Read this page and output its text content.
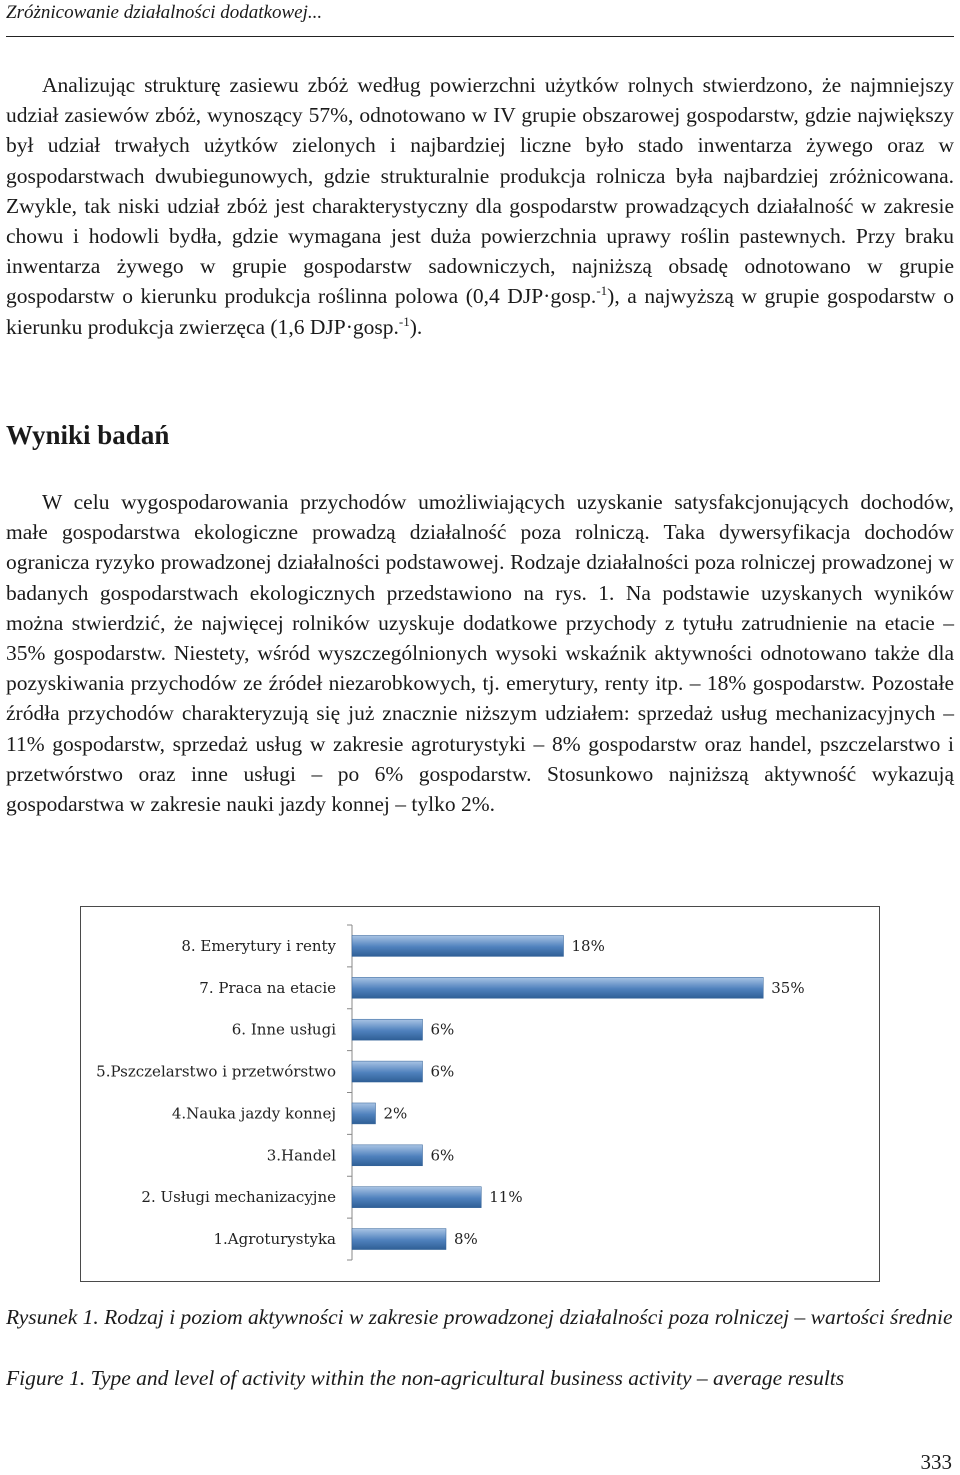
Zróżnicowanie działalności dodatkowej...

Analizując strukturę zasiewu zbóż według powierzchni użytków rolnych stwierdzono, że najmniejszy udział zasiewów zbóż, wynoszący 57%, odnotowano w IV grupie obszarowej gospodarstw, gdzie największy był udział trwałych użytków zielonych i najbardziej liczne było stado inwentarza żywego oraz w gospodarstwach dwubiegunowych, gdzie strukturalnie produkcja rolnicza była najbardziej zróżnicowana. Zwykle, tak niski udział zbóż jest charakterystyczny dla gospodarstw prowadzących działalność w zakresie chowu i hodowli bydła, gdzie wymagana jest duża powierzchnia uprawy roślin pastewnych. Przy braku inwentarza żywego w grupie gospodarstw sadowniczych, najniższą obsadę odnotowano w grupie gospodarstw o kierunku produkcja roślinna polowa (0,4 DJP·gosp.$^{-1}$), a najwyższą w grupie gospodarstw o kierunku produkcja zwierzęca (1,6 DJP·gosp.$^{-1}$).

Wyniki badań

W celu wygospodarowania przychodów umożliwiających uzyskanie satysfakcjonujących dochodów, małe gospodarstwa ekologiczne prowadzą działalność poza rolniczą. Taka dywersyfikacja dochodów ogranicza ryzyko prowadzonej działalności podstawowej. Rodzaje działalności poza rolniczej prowadzonej w badanych gospodarstwach ekologicznych przedstawiono na rys. 1. Na podstawie uzyskanych wyników można stwierdzić, że najwięcej rolników uzyskuje dodatkowe przychody z tytułu zatrudnienie na etacie – 35% gospodarstw. Niestety, wśród wyszczególnionych wysoki wskaźnik aktywności odnotowano także dla pozyskiwania przychodów ze źródeł niezarobkowych, tj. emerytury, renty itp. – 18% gospodarstw. Pozostałe źródła przychodów charakteryzują się już znacznie niższym udziałem: sprzedaż usług mechanizacyjnych – 11% gospodarstw, sprzedaż usług w zakresie agroturystyki – 8% gospodarstw oraz handel, pszczelarstwo i przetwórstwo oraz inne usługi – po 6% gospodarstw. Stosunkowo najniższą aktywność wykazują gospodarstwa w zakresie nauki jazdy konnej – tylko 2%.

8. Emerytury i renty	18%
7. Praca na etacie	35%
6. Inne usługi	6%
5.Pszczelarstwo i przetwórstwo	6%
4.Nauka jazdy konnej	2%
3.Handel	6%
2. Usługi mechanizacyjne	11%
1.Agroturystyka	8%

Rysunek 1. Rodzaj i poziom aktywności w zakresie prowadzonej działalności poza rolniczej – wartości średnie

Figure 1. Type and level of activity within the non-agricultural business activity – average results

333
